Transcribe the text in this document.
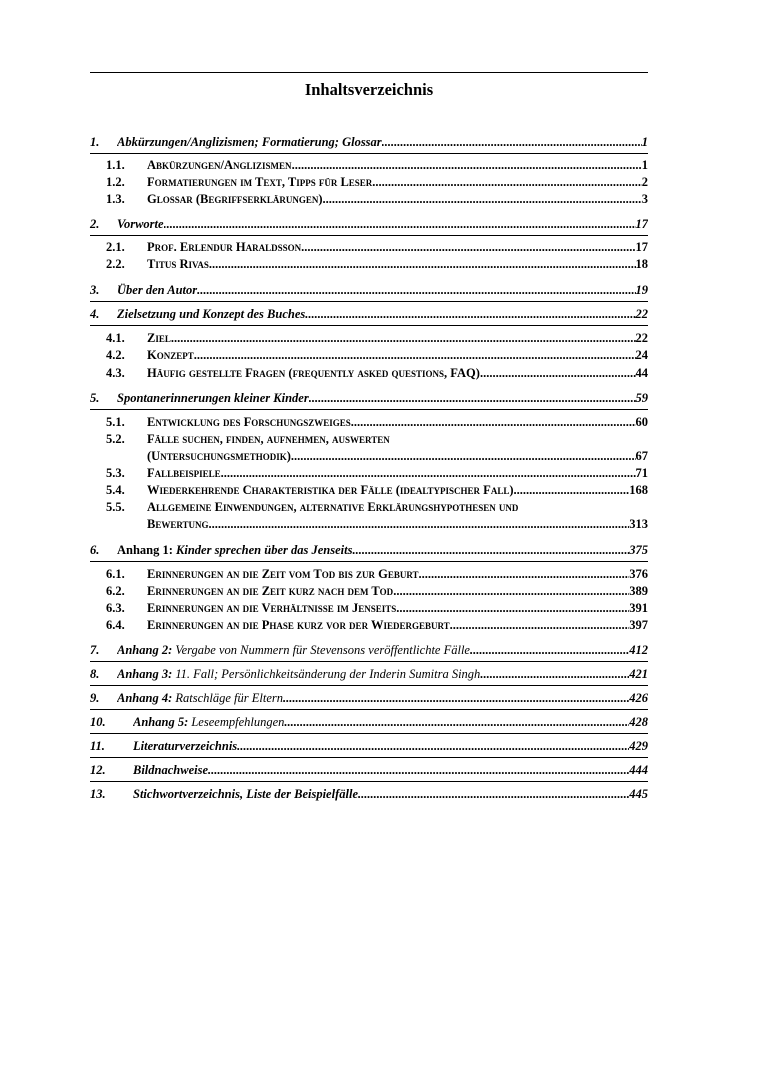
Inhaltsverzeichnis
1. Abkürzungen/Anglizismen; Formatierung; Glossar .....	1
1.1. Abkürzungen/Anglizismen .....	1
1.2. Formatierungen im Text, Tipps für Leser .....	2
1.3. Glossar (Begriffserklärungen) .....	3
2. Vorworte .....	17
2.1. Prof. Erlendur Haraldsson .....	17
2.2. Titus Rivas .....	18
3. Über den Autor .....	19
4. Zielsetzung und Konzept des Buches .....	22
4.1. Ziel .....	22
4.2. Konzept .....	24
4.3. Häufig gestellte Fragen (frequently asked questions, FAQ) .....	44
5. Spontanerinnerungen kleiner Kinder .....	59
5.1. Entwicklung des Forschungszweiges .....	60
5.2. Fälle suchen, finden, aufnehmen, auswerten
(Untersuchungsmethodik) .....	67
5.3. Fallbeispiele .....	71
5.4. Wiederkehrende Charakteristika der Fälle (idealtypischer Fall) .....	168
5.5. Allgemeine Einwendungen, alternative Erklärungshypothesen und
Bewertung .....	313
6. Anhang 1: Kinder sprechen über das Jenseits .....	375
6.1. Erinnerungen an die Zeit vom Tod bis zur Geburt .....	376
6.2. Erinnerungen an die Zeit kurz nach dem Tod .....	389
6.3. Erinnerungen an die Verhältnisse im Jenseits .....	391
6.4. Erinnerungen an die Phase kurz vor der Wiedergeburt .....	397
7. Anhang 2: Vergabe von Nummern für Stevensons veröffentlichte Fälle .....	412
8. Anhang 3: 11. Fall; Persönlichkeitsänderung der Inderin Sumitra Singh .....	421
9. Anhang 4: Ratschläge für Eltern .....	426
10. Anhang 5: Leseempfehlungen .....	428
11. Literaturverzeichnis .....	429
12. Bildnachweise .....	444
13. Stichwortverzeichnis, Liste der Beispielfälle .....	445
